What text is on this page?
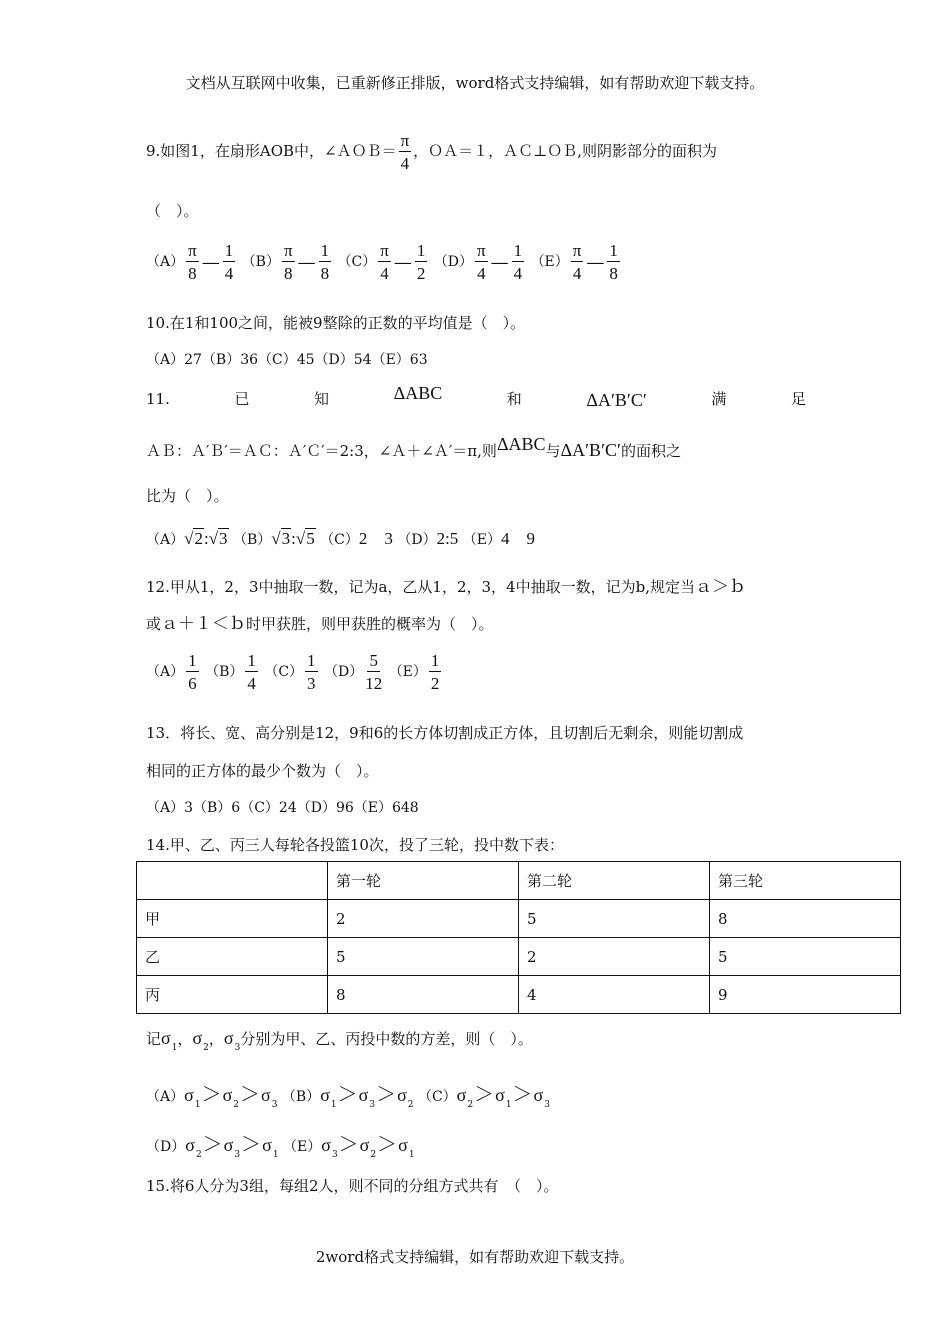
文档从互联网中收集，已重新修正排版，word格式支持编辑，如有帮助欢迎下载支持。
9.如图1，在扇形AOB中，∠ＡＯＢ＝ $\frac{\pi}{4}$ ，ＯＡ＝１，ＡＣ⊥ＯＢ,则阴影部分的面积为
（　）。
$(A) \frac{\pi}{8}$ — $\frac{1}{4} (B) \frac{\pi}{8}$ — $\frac{1}{8} (C) \frac{\pi}{4}$ — $\frac{1}{2} (D) \frac{\pi}{4}$ — $\frac{1}{4} (E) \frac{\pi}{4}$ — $\frac{1}{8}$
10.在1和100之间，能被9整除的正数的平均值是（　）。
（A）27（B）36（C）45（D）54（E）63
11.	已	知	ΔABC	和	ΔA′B′C′	满	足
ＡＢ：Ａ′Ｂ′＝ＡＣ：Ａ′Ｃ′＝2:3，∠Ａ＋∠Ａ′＝π,则ΔABC与ΔA′B′C′的面积之
比为（　）。
（A）√2:√3 （B）√3:√5 （C）2　3 （D）2:5 （E）4　9
12.甲从1，2，3中抽取一数，记为a，乙从1，2，3，4中抽取一数，记为b,规定当ａ＞ｂ
或ａ＋１＜ｂ时甲获胜，则甲获胜的概率为（　）。
$(A) \frac{1}{6} (B) \frac{1}{4} (C) \frac{1}{3} (D) \frac{5}{12} (E) \frac{1}{2}$
13．将长、宽、高分别是12，9和6的长方体切割成正方体，且切割后无剩余，则能切割成
相同的正方体的最少个数为（　）。
（A）3（B）6（C）24（D）96（E）648
14.甲、乙、丙三人每轮各投篮10次，投了三轮，投中数下表：
	第一轮	第二轮	第三轮
甲	2	5	8
乙	5	2	5
丙	8	4	9
记$\sigma_1$，$\sigma_2$，$\sigma_3$分别为甲、乙、丙投中数的方差，则（　）。
$(A)\sigma_1>\sigma_2>\sigma_3$ $(B)\sigma_1>\sigma_3>\sigma_2$ $(C)\sigma_2>\sigma_1>\sigma_3$
$(D)\sigma_2>\sigma_3>\sigma_1$ $(E)\sigma_3>\sigma_2>\sigma_1$
15.将6人分为3组，每组2人，则不同的分组方式共有　（　）。
2word格式支持编辑，如有帮助欢迎下载支持。
